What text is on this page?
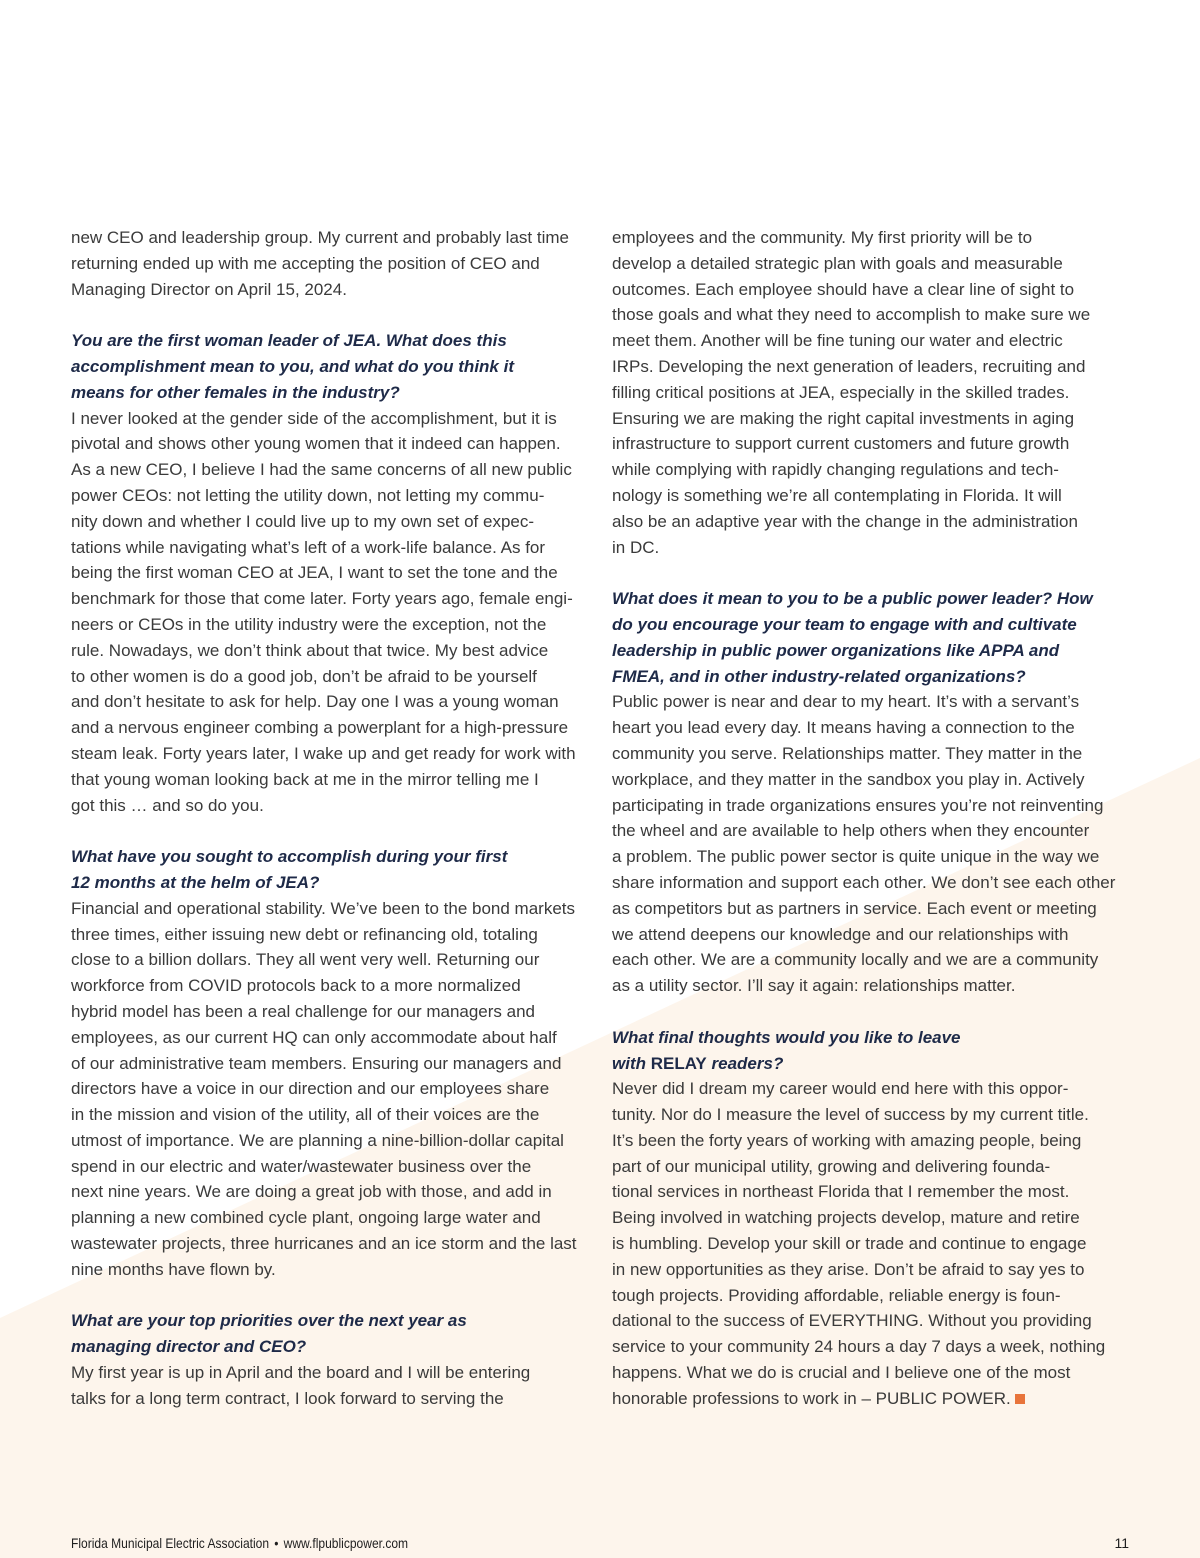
new CEO and leadership group. My current and probably last time
returning ended up with me accepting the position of CEO and
Managing Director on April 15, 2024.

You are the first woman leader of JEA. What does this
accomplishment mean to you, and what do you think it
means for other females in the industry?

I never looked at the gender side of the accomplishment, but it is
pivotal and shows other young women that it indeed can happen.
As a new CEO, I believe I had the same concerns of all new public
power CEOs: not letting the utility down, not letting my commu-
nity down and whether I could live up to my own set of expec-
tations while navigating what’s left of a work-life balance. As for
being the first woman CEO at JEA, I want to set the tone and the
benchmark for those that come later. Forty years ago, female engi-
neers or CEOs in the utility industry were the exception, not the
rule. Nowadays, we don’t think about that twice. My best advice
to other women is do a good job, don’t be afraid to be yourself
and don’t hesitate to ask for help. Day one I was a young woman
and a nervous engineer combing a powerplant for a high-pressure
steam leak. Forty years later, I wake up and get ready for work with
that young woman looking back at me in the mirror telling me I
got this … and so do you.

What have you sought to accomplish during your first
12 months at the helm of JEA?

Financial and operational stability. We’ve been to the bond markets
three times, either issuing new debt or refinancing old, totaling
close to a billion dollars. They all went very well. Returning our
workforce from COVID protocols back to a more normalized
hybrid model has been a real challenge for our managers and
employees, as our current HQ can only accommodate about half
of our administrative team members. Ensuring our managers and
directors have a voice in our direction and our employees share
in the mission and vision of the utility, all of their voices are the
utmost of importance. We are planning a nine-billion-dollar capital
spend in our electric and water/wastewater business over the
next nine years. We are doing a great job with those, and add in
planning a new combined cycle plant, ongoing large water and
wastewater projects, three hurricanes and an ice storm and the last
nine months have flown by.

What are your top priorities over the next year as
managing director and CEO?

My first year is up in April and the board and I will be entering
talks for a long term contract, I look forward to serving the

employees and the community. My first priority will be to
develop a detailed strategic plan with goals and measurable
outcomes. Each employee should have a clear line of sight to
those goals and what they need to accomplish to make sure we
meet them. Another will be fine tuning our water and electric
IRPs. Developing the next generation of leaders, recruiting and
filling critical positions at JEA, especially in the skilled trades.
Ensuring we are making the right capital investments in aging
infrastructure to support current customers and future growth
while complying with rapidly changing regulations and tech-
nology is something we’re all contemplating in Florida. It will
also be an adaptive year with the change in the administration
in DC.

What does it mean to you to be a public power leader? How
do you encourage your team to engage with and cultivate
leadership in public power organizations like APPA and
FMEA, and in other industry-related organizations?

Public power is near and dear to my heart. It’s with a servant’s
heart you lead every day. It means having a connection to the
community you serve. Relationships matter. They matter in the
workplace, and they matter in the sandbox you play in. Actively
participating in trade organizations ensures you’re not reinventing
the wheel and are available to help others when they encounter
a problem. The public power sector is quite unique in the way we
share information and support each other. We don’t see each other
as competitors but as partners in service. Each event or meeting
we attend deepens our knowledge and our relationships with
each other. We are a community locally and we are a community
as a utility sector. I’ll say it again: relationships matter.

What final thoughts would you like to leave
with RELAY readers?

Never did I dream my career would end here with this oppor-
tunity. Nor do I measure the level of success by my current title.
It’s been the forty years of working with amazing people, being
part of our municipal utility, growing and delivering founda-
tional services in northeast Florida that I remember the most.
Being involved in watching projects develop, mature and retire
is humbling. Develop your skill or trade and continue to engage
in new opportunities as they arise. Don’t be afraid to say yes to
tough projects. Providing affordable, reliable energy is foun-
dational to the success of EVERYTHING. Without you providing
service to your community 24 hours a day 7 days a week, nothing
happens. What we do is crucial and I believe one of the most
honorable professions to work in – PUBLIC POWER.

Florida Municipal Electric Association • www.flpublicpower.com	11
